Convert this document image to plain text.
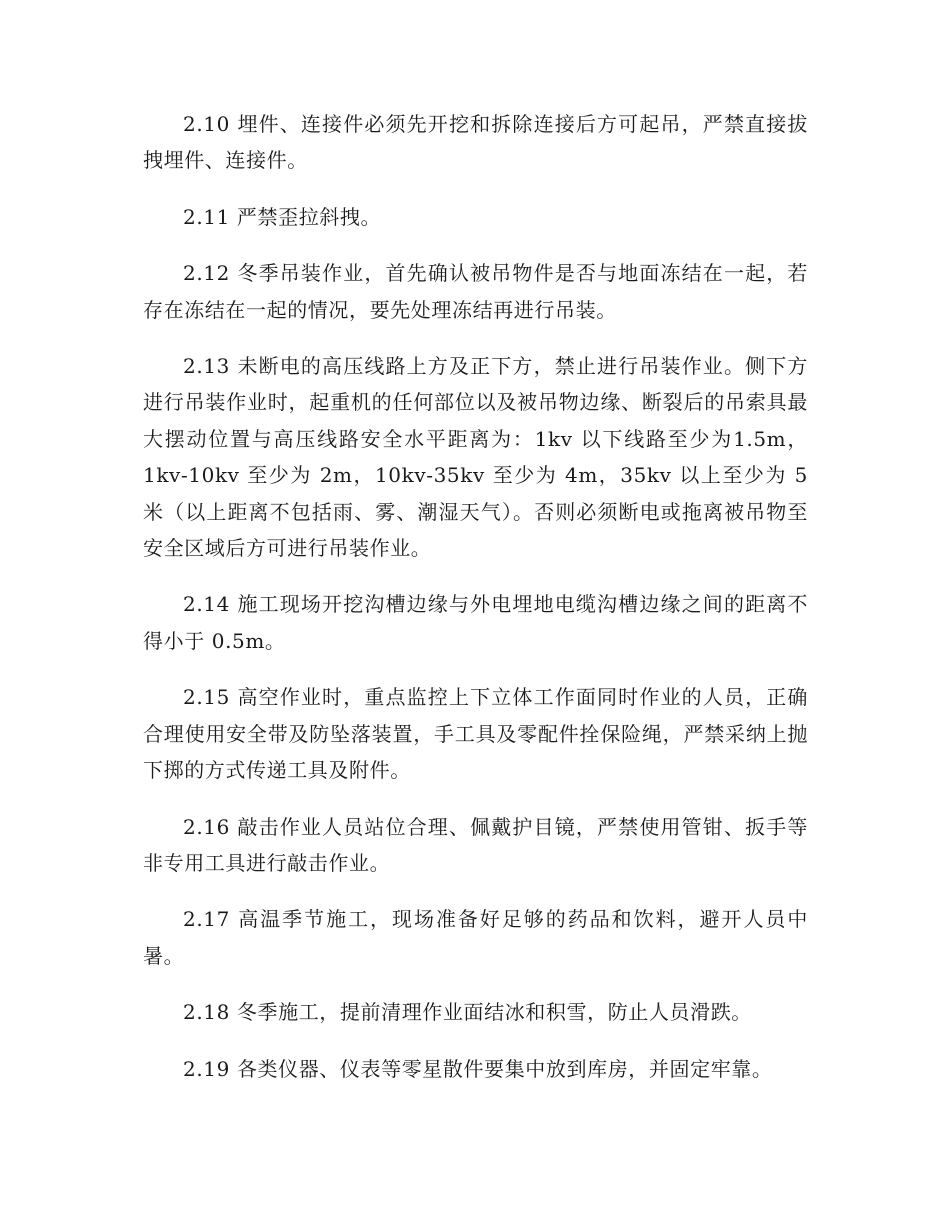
2.10 埋件、连接件必须先开挖和拆除连接后方可起吊，严禁直接拔拽埋件、连接件。

2.11 严禁歪拉斜拽。

2.12 冬季吊装作业，首先确认被吊物件是否与地面冻结在一起，若存在冻结在一起的情况，要先处理冻结再进行吊装。

2.13 未断电的高压线路上方及正下方，禁止进行吊装作业。侧下方进行吊装作业时，起重机的任何部位以及被吊物边缘、断裂后的吊索具最大摆动位置与高压线路安全水平距离为：1kv 以下线路至少为1.5m，1kv-10kv 至少为 2m，10kv-35kv 至少为 4m，35kv 以上至少为 5 米（以上距离不包括雨、雾、潮湿天气）。否则必须断电或拖离被吊物至安全区域后方可进行吊装作业。

2.14 施工现场开挖沟槽边缘与外电埋地电缆沟槽边缘之间的距离不得小于 0.5m。

2.15 高空作业时，重点监控上下立体工作面同时作业的人员，正确合理使用安全带及防坠落装置，手工具及零配件拴保险绳，严禁采纳上抛下掷的方式传递工具及附件。

2.16 敲击作业人员站位合理、佩戴护目镜，严禁使用管钳、扳手等非专用工具进行敲击作业。

2.17 高温季节施工，现场准备好足够的药品和饮料，避开人员中暑。

2.18 冬季施工，提前清理作业面结冰和积雪，防止人员滑跌。

2.19 各类仪器、仪表等零星散件要集中放到库房，并固定牢靠。
